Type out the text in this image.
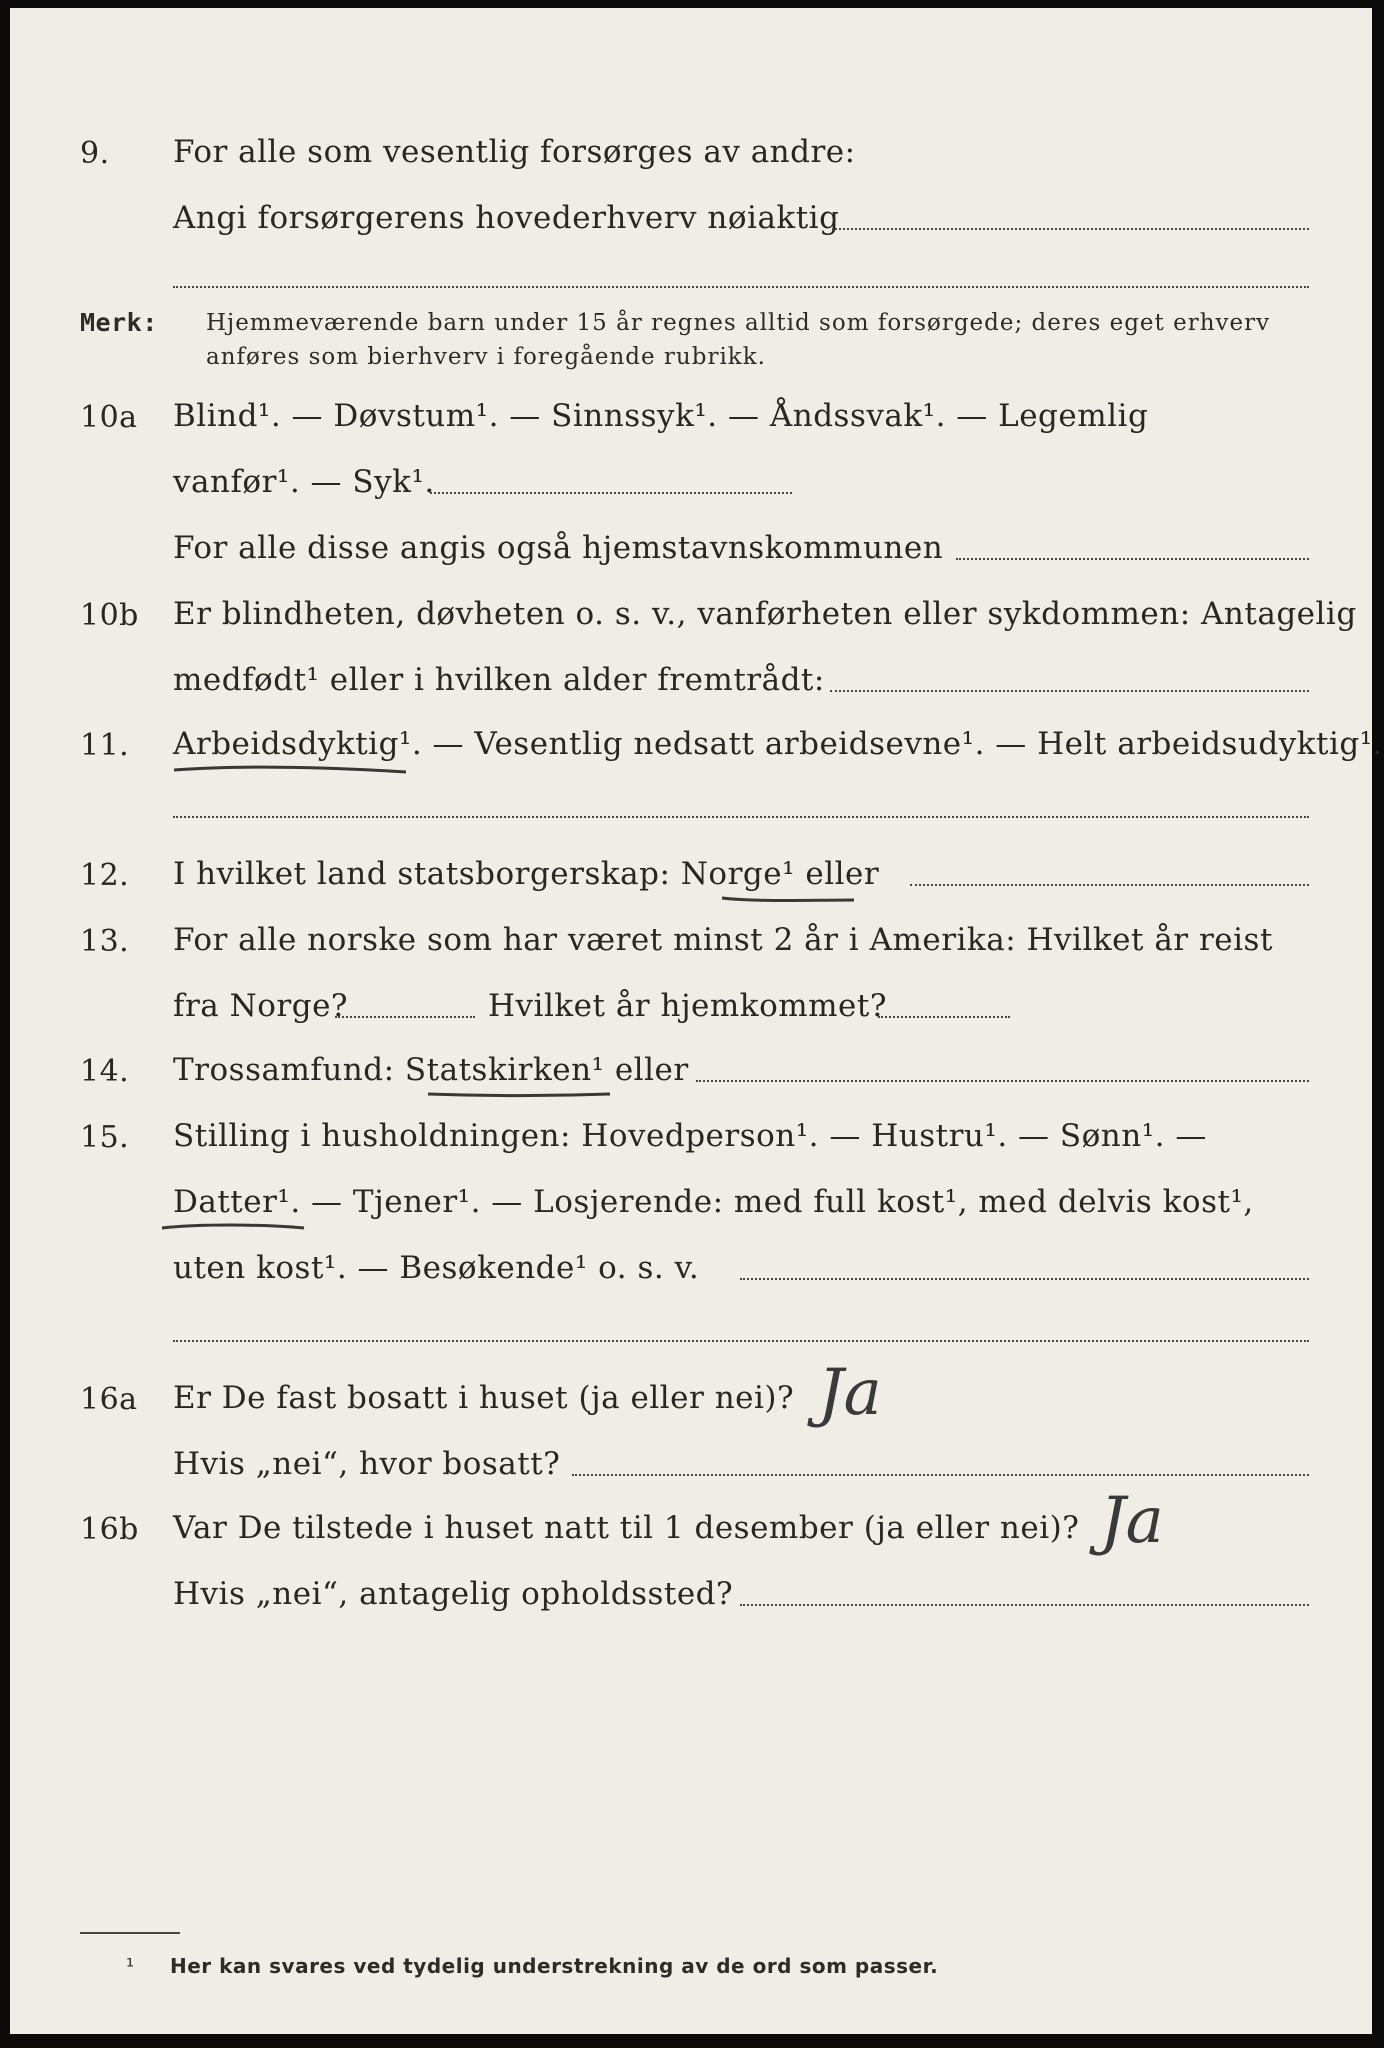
9. For alle som vesentlig forsørges av andre:
Angi forsørgerens hovederhverv nøiaktig
Merk: Hjemmeværende barn under 15 år regnes alltid som forsørgede; deres eget erhverv
anføres som bierhverv i foregående rubrikk.
10a Blind¹. — Døvstum¹. — Sinnssyk¹. — Åndssvak¹. — Legemlig
vanfør¹. — Syk¹.
For alle disse angis også hjemstavnskommunen
10b Er blindheten, døvheten o. s. v., vanførheten eller sykdommen: Antagelig
medfødt¹ eller i hvilken alder fremtrådt:
11. Arbeidsdyktig¹. — Vesentlig nedsatt arbeidsevne¹. — Helt arbeidsudyktig¹.
12. I hvilket land statsborgerskap: Norge¹ eller
13. For alle norske som har været minst 2 år i Amerika: Hvilket år reist
fra Norge?	Hvilket år hjemkommet?
14. Trossamfund: Statskirken¹ eller
15. Stilling i husholdningen: Hovedperson¹. — Hustru¹. — Sønn¹. —
Datter¹. — Tjener¹. — Losjerende: med full kost¹, med delvis kost¹,
uten kost¹. — Besøkende¹ o. s. v.
16a Er De fast bosatt i huset (ja eller nei)? Ja
Hvis „nei“, hvor bosatt?
16b Var De tilstede i huset natt til 1 desember (ja eller nei)? Ja
Hvis „nei“, antagelig opholdssted?
¹ Her kan svares ved tydelig understrekning av de ord som passer.
